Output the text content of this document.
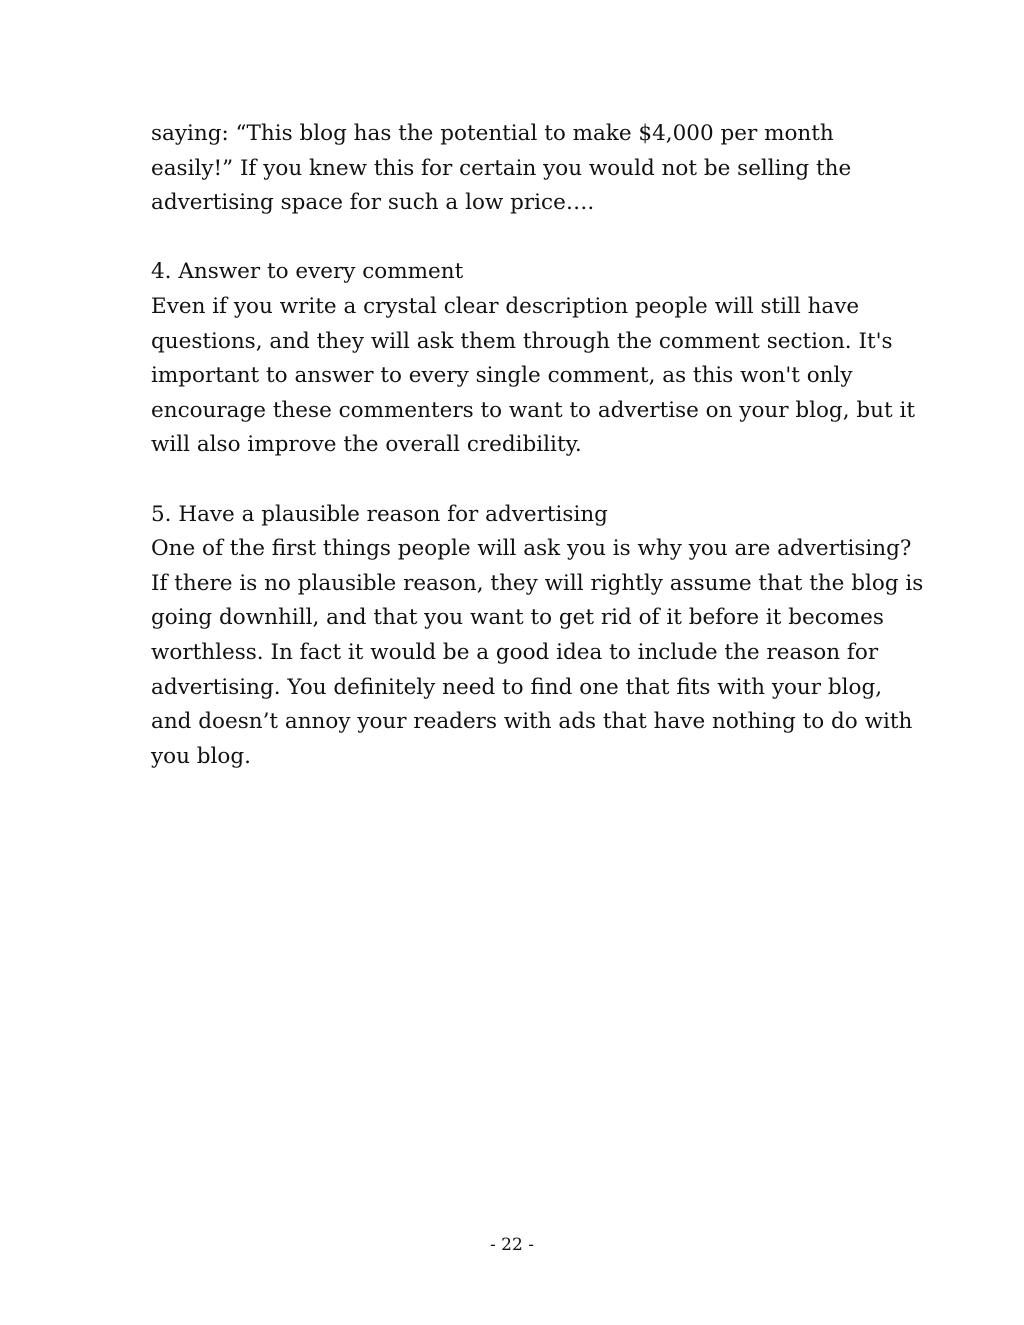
saying: “This blog has the potential to make $4,000 per month
easily!” If you knew this for certain you would not be selling the
advertising space for such a low price….
4. Answer to every comment
Even if you write a crystal clear description people will still have
questions, and they will ask them through the comment section. It's
important to answer to every single comment, as this won't only
encourage these commenters to want to advertise on your blog, but it
will also improve the overall credibility.
5. Have a plausible reason for advertising
One of the first things people will ask you is why you are advertising?
If there is no plausible reason, they will rightly assume that the blog is
going downhill, and that you want to get rid of it before it becomes
worthless. In fact it would be a good idea to include the reason for
advertising. You definitely need to find one that fits with your blog,
and doesn’t annoy your readers with ads that have nothing to do with
you blog.
- 22 -
